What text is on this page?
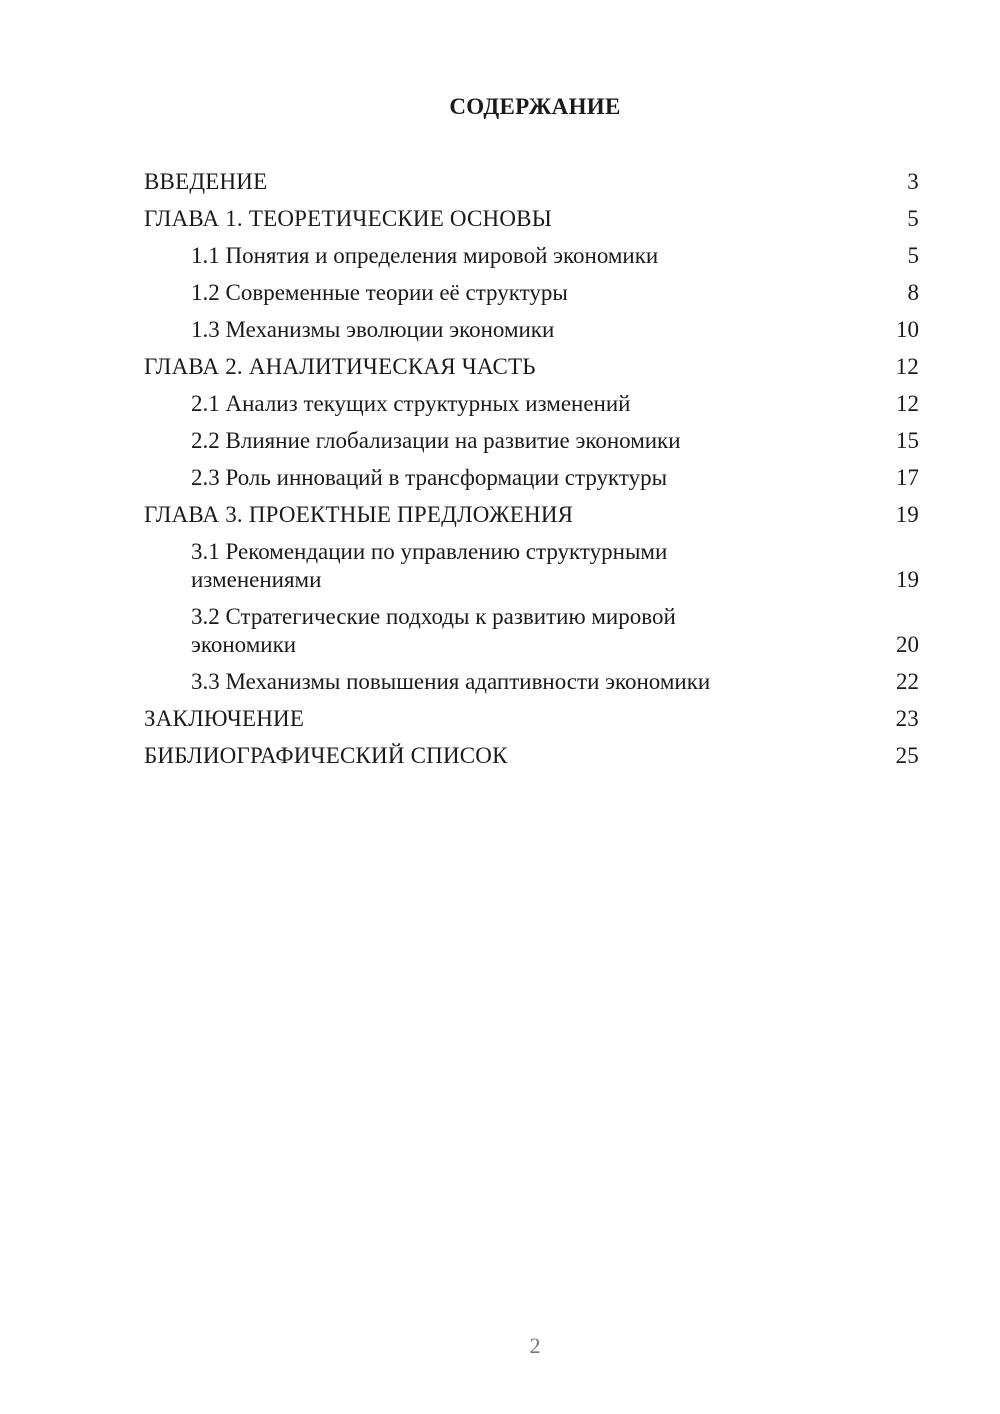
СОДЕРЖАНИЕ
ВВЕДЕНИЕ	3
ГЛАВА 1. ТЕОРЕТИЧЕСКИЕ ОСНОВЫ	5
1.1 Понятия и определения мировой экономики	5
1.2 Современные теории её структуры	8
1.3 Механизмы эволюции экономики	10
ГЛАВА 2. АНАЛИТИЧЕСКАЯ ЧАСТЬ	12
2.1 Анализ текущих структурных изменений	12
2.2 Влияние глобализации на развитие экономики	15
2.3 Роль инноваций в трансформации структуры	17
ГЛАВА 3. ПРОЕКТНЫЕ ПРЕДЛОЖЕНИЯ	19
3.1 Рекомендации по управлению структурными изменениями	19
3.2 Стратегические подходы к развитию мировой экономики	20
3.3 Механизмы повышения адаптивности экономики	22
ЗАКЛЮЧЕНИЕ	23
БИБЛИОГРАФИЧЕСКИЙ СПИСОК	25
2
